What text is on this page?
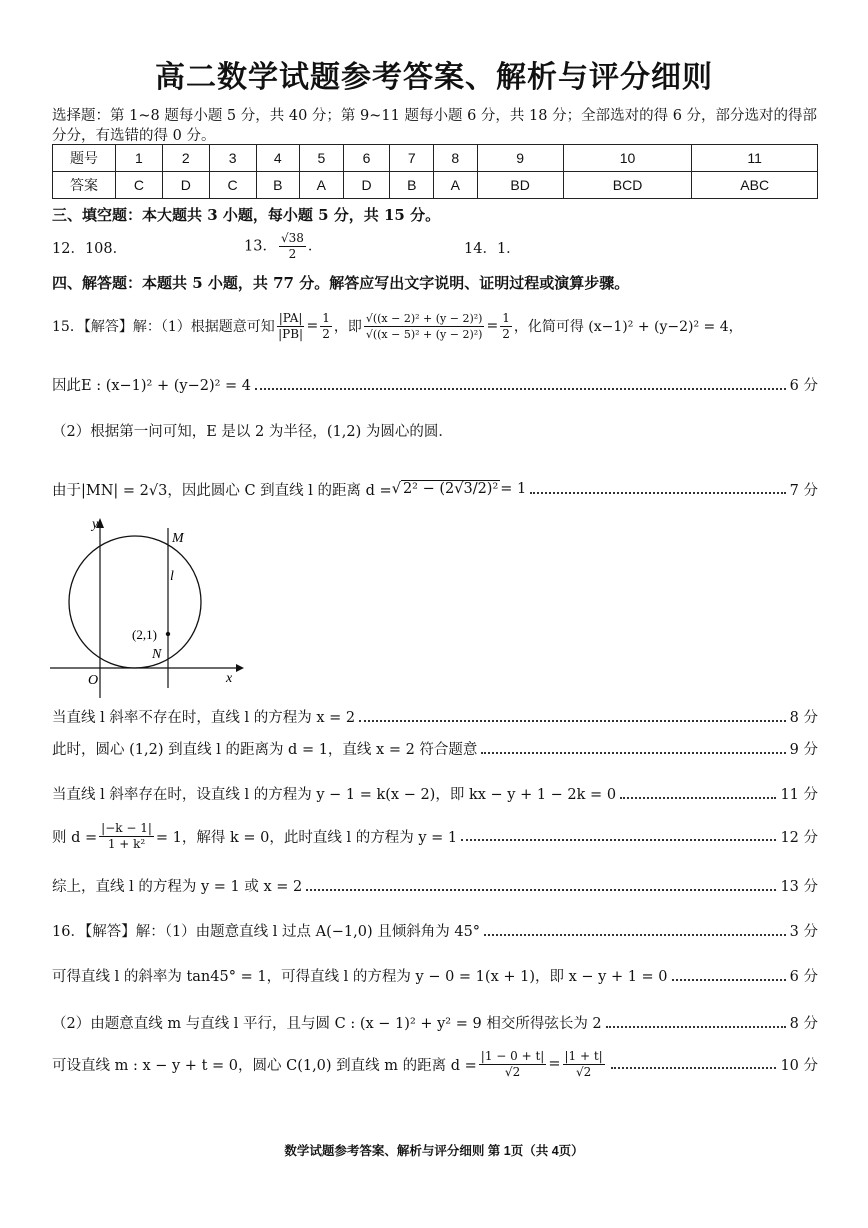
高二数学试题参考答案、解析与评分细则
选择题：第 1~8 题每小题 5 分，共 40 分；第 9~11 题每小题 6 分，共 18 分；全部选对的得 6 分，部分选对的得部
分分，有选错的得 0 分。
题号	1	2	3	4	5	6	7	8	9	10	11
答案	C	D	C	B	A	D	B	A	BD	BCD	ABC
三、填空题：本大题共 3 小题，每小题 5 分，共 15 分。
12．108．	13． $\frac{√38}{2}$ ．	14．1．
四、解答题：本题共 5 小题，共 77 分。解答应写出文字说明、证明过程或演算步骤。
15．【解答】解：（1）根据题意可知 $\frac{|PA|}{|PB|} = \frac{1}{2}$ ，即 $\frac{\text{√((x − 2)² + (y − 2)²)}}{\text{√((x − 5)² + (y − 2)²)}} = \frac{1}{2}$ ，化简可得 (x−1)² + (y−2)² = 4，
因此E : (x−1)² + (y−2)² = 4	6 分
（2）根据第一问可知，E 是以 2 为半径，(1,2) 为圆心的圆．
由于|MN| = 2√3，因此圆心 C 到直线 l 的距离 d = √ 2² − (2√3/2)² = 1	7 分
y
x
O
M
l
N
(2,1)
当直线 l 斜率不存在时，直线 l 的方程为 x = 2	8 分
此时，圆心 (1,2) 到直线 l 的距离为 d = 1，直线 x = 2 符合题意	9 分
当直线 l 斜率存在时，设直线 l 的方程为 y − 1 = k(x − 2)，即 kx − y + 1 − 2k = 0	11 分
则 $d = \frac{|-k - 1|}{\text{1 + k²}} = 1$，解得 k = 0，此时直线 l 的方程为 y = 1	12 分
综上，直线 l 的方程为 y = 1 或 x = 2	13 分
16．【解答】解：（1）由题意直线 l 过点 A(−1,0) 且倾斜角为 45°	3 分
可得直线 l 的斜率为 tan45° = 1，可得直线 l 的方程为 y − 0 = 1(x + 1)，即 x − y + 1 = 0	6 分
（2）由题意直线 m 与直线 l 平行，且与圆 C : (x − 1)² + y² = 9 相交所得弦长为 2	8 分
可设直线 m : x − y + t = 0，圆心 C(1,0) 到直线 m 的距离 $d = \frac{|1 - 0 + t|}{√2} = \frac{|1 + t|}{√2}$	10 分
数学试题参考答案、解析与评分细则 第 1页（共 4页）
